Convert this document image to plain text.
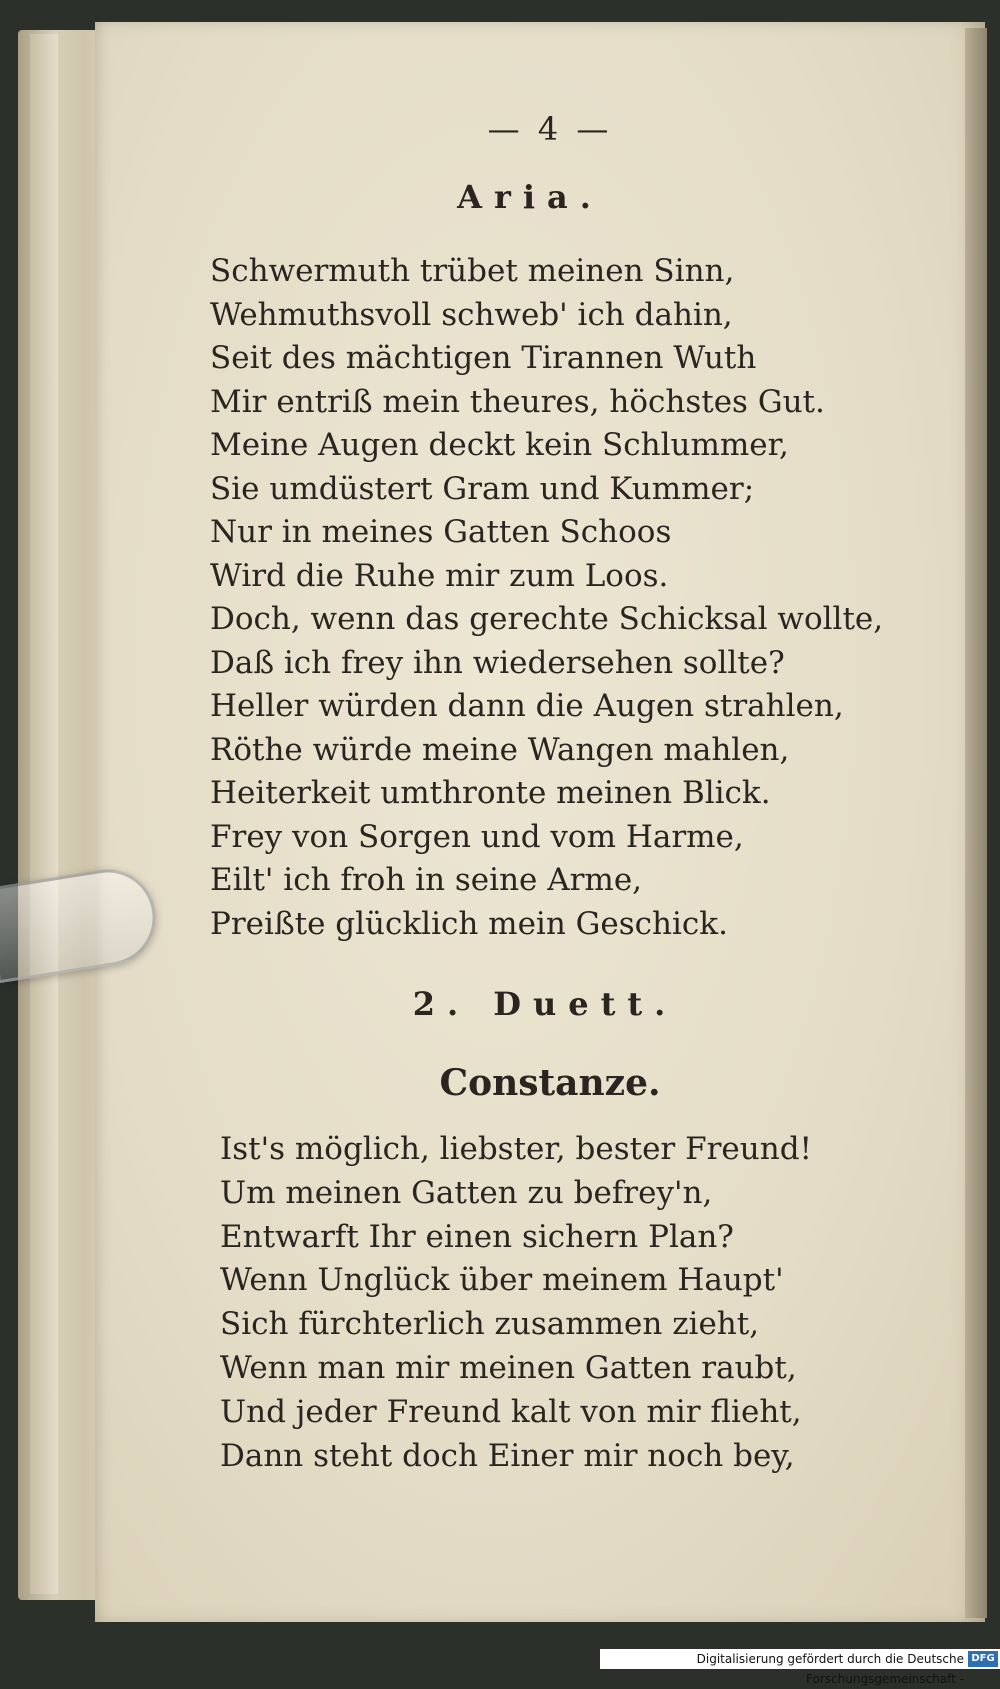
— 4 —
Aria.
Schwermuth trübet meinen Sinn,
Wehmuthsvoll schweb' ich dahin,
Seit des mächtigen Tirannen Wuth
Mir entriß mein theures, höchstes Gut.
Meine Augen deckt kein Schlummer,
Sie umdüstert Gram und Kummer;
Nur in meines Gatten Schoos
Wird die Ruhe mir zum Loos.
Doch, wenn das gerechte Schicksal wollte,
Daß ich frey ihn wiedersehen sollte?
Heller würden dann die Augen strahlen,
Röthe würde meine Wangen mahlen,
Heiterkeit umthronte meinen Blick.
Frey von Sorgen und vom Harme,
Eilt' ich froh in seine Arme,
Preißte glücklich mein Geschick.
2. Duett.
Constanze.
Ist's möglich, liebster, bester Freund!
Um meinen Gatten zu befrey'n,
Entwarft Ihr einen sichern Plan?
Wenn Unglück über meinem Haupt'
Sich fürchterlich zusammen zieht,
Wenn man mir meinen Gatten raubt,
Und jeder Freund kalt von mir flieht,
Dann steht doch Einer mir noch bey,
Digitalisierung gefördert durch die Deutsche Forschungsgemeinschaft -
DFG
